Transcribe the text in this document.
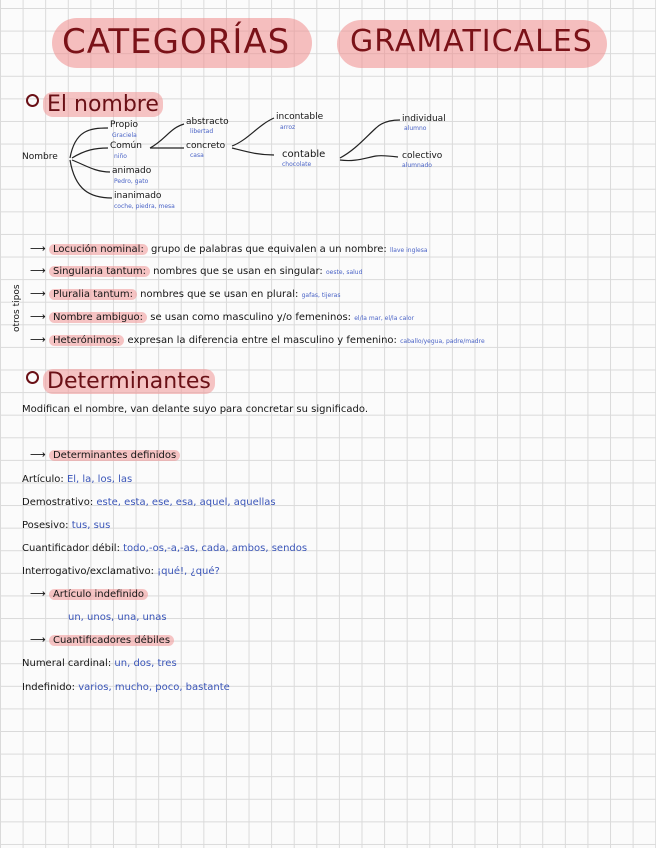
CATEGORÍAS GRAMATICALES
El nombre
Nombre
Propio
Graciela
Común
niño
animado
Pedro, gato
inanimado
coche, piedra, mesa
abstracto
libertad
concreto
casa
incontable
arroz
contable
chocolate
individual
alumno
colectivo
alumnado
otros tipos
⟶ Locución nominal: grupo de palabras que equivalen a un nombre: llave inglesa
⟶ Singularia tantum: nombres que se usan en singular: oeste, salud
⟶ Pluralia tantum: nombres que se usan en plural: gafas, tijeras
⟶ Nombre ambiguo: se usan como masculino y/o femeninos: el/la mar, el/la calor
⟶ Heterónimos: expresan la diferencia entre el masculino y femenino: caballo/yegua, padre/madre
Determinantes
Modifican el nombre, van delante suyo para concretar su significado.
⟶ Determinantes definidos
Artículo: El, la, los, las
Demostrativo: este, esta, ese, esa, aquel, aquellas
Posesivo: tus, sus
Cuantificador débil: todo,-os,-a,-as, cada, ambos, sendos
Interrogativo/exclamativo: ¡qué!, ¿qué?
⟶ Artículo indefinido
un, unos, una, unas
⟶ Cuantificadores débiles
Numeral cardinal: un, dos, tres
Indefinido: varios, mucho, poco, bastante
